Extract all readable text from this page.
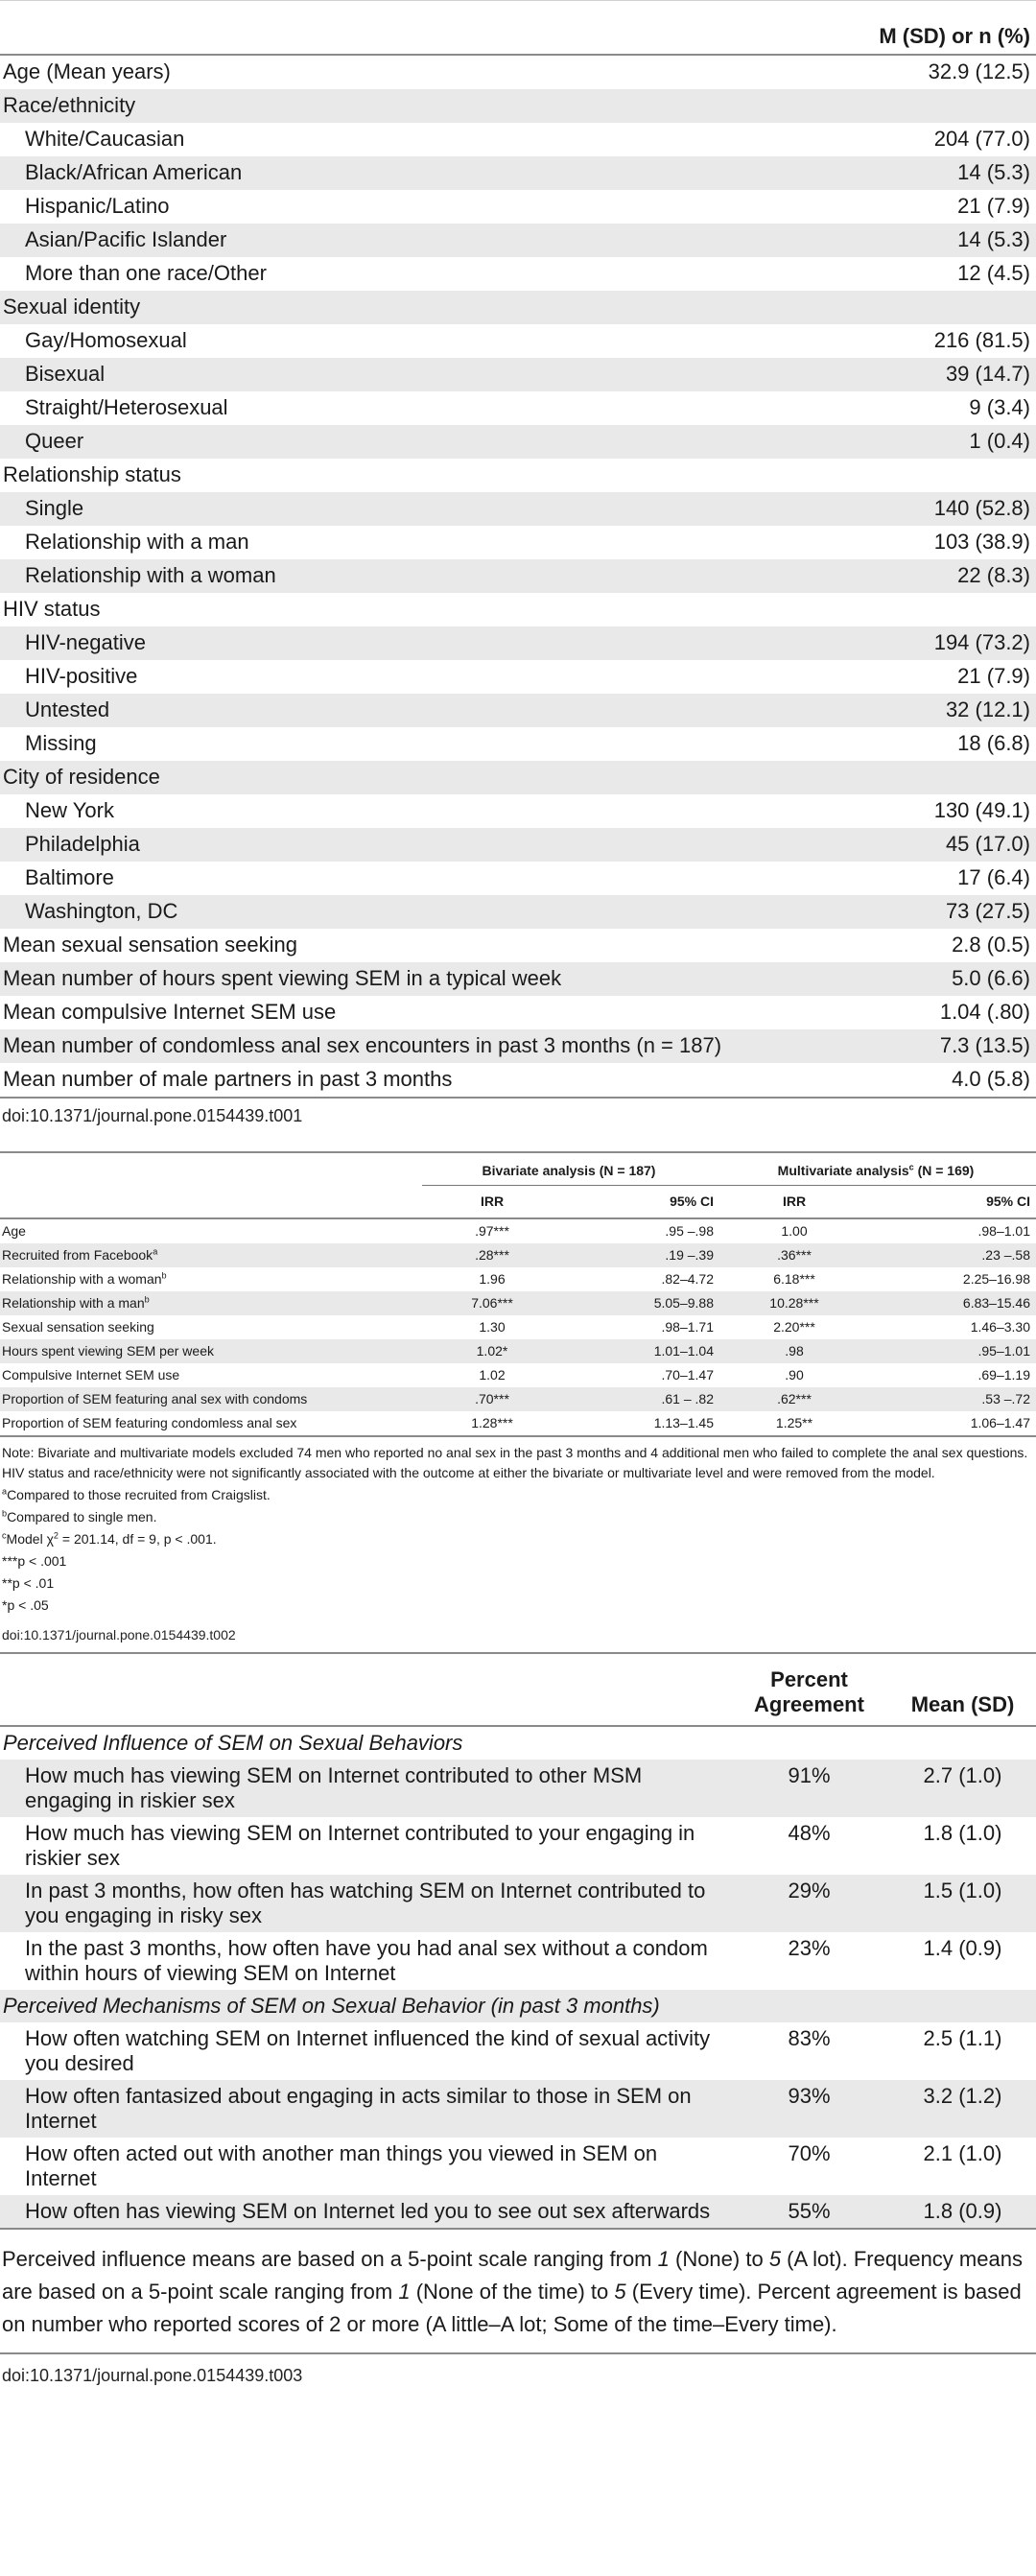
	M (SD) or n (%)
Age (Mean years)	32.9 (12.5)
Race/ethnicity	
White/Caucasian	204 (77.0)
Black/African American	14 (5.3)
Hispanic/Latino	21 (7.9)
Asian/Pacific Islander	14 (5.3)
More than one race/Other	12 (4.5)
Sexual identity	
Gay/Homosexual	216 (81.5)
Bisexual	39 (14.7)
Straight/Heterosexual	9 (3.4)
Queer	1 (0.4)
Relationship status	
Single	140 (52.8)
Relationship with a man	103 (38.9)
Relationship with a woman	22 (8.3)
HIV status	
HIV-negative	194 (73.2)
HIV-positive	21 (7.9)
Untested	32 (12.1)
Missing	18 (6.8)
City of residence	
New York	130 (49.1)
Philadelphia	45 (17.0)
Baltimore	17 (6.4)
Washington, DC	73 (27.5)
Mean sexual sensation seeking	2.8 (0.5)
Mean number of hours spent viewing SEM in a typical week	5.0 (6.6)
Mean compulsive Internet SEM use	1.04 (.80)
Mean number of condomless anal sex encounters in past 3 months (n = 187)	7.3 (13.5)
Mean number of male partners in past 3 months	4.0 (5.8)
doi:10.1371/journal.pone.0154439.t001
	Bivariate analysis (N = 187)		Multivariate analysis$^c$ (N = 169)	
	IRR	95% CI	IRR	95% CI
Age	.97***	.95 –.98	1.00	.98–1.01
Recruited from Facebook$^a$	.28***	.19 –.39	.36***	.23 –.58
Relationship with a woman$^b$	1.96	.82–4.72	6.18***	2.25–16.98
Relationship with a man$^b$	7.06***	5.05–9.88	10.28***	6.83–15.46
Sexual sensation seeking	1.30	.98–1.71	2.20***	1.46–3.30
Hours spent viewing SEM per week	1.02*	1.01–1.04	.98	.95–1.01
Compulsive Internet SEM use	1.02	.70–1.47	.90	.69–1.19
Proportion of SEM featuring anal sex with condoms	.70***	.61 – .82	.62***	.53 –.72
Proportion of SEM featuring condomless anal sex	1.28***	1.13–1.45	1.25**	1.06–1.47

Note: Bivariate and multivariate models excluded 74 men who reported no anal sex in the past 3 months and 4 additional men who failed to complete the anal sex questions. HIV status and race/ethnicity were not significantly associated with the outcome at either the bivariate or multivariate level and were removed from the model.

$^a$Compared to those recruited from Craigslist.

$^b$Compared to single men.

$^c$Model $\chi^2 = 201.14$, df = 9, p < .001.

***p < .001

**p < .01

*p < .05

doi:10.1371/journal.pone.0154439.t002
	Percent Agreement	Mean (SD)
Perceived Influence of SEM on Sexual Behaviors		
How much has viewing SEM on Internet contributed to other MSM engaging in riskier sex	91%	2.7 (1.0)
How much has viewing SEM on Internet contributed to your engaging in riskier sex	48%	1.8 (1.0)
In past 3 months, how often has watching SEM on Internet contributed to you engaging in risky sex	29%	1.5 (1.0)
In the past 3 months, how often have you had anal sex without a condom within hours of viewing SEM on Internet	23%	1.4 (0.9)
Perceived Mechanisms of SEM on Sexual Behavior (in past 3 months)		
How often watching SEM on Internet influenced the kind of sexual activity you desired	83%	2.5 (1.1)
How often fantasized about engaging in acts similar to those in SEM on Internet	93%	3.2 (1.2)
How often acted out with another man things you viewed in SEM on Internet	70%	2.1 (1.0)
How often has viewing SEM on Internet led you to see out sex afterwards	55%	1.8 (0.9)
Perceived influence means are based on a 5-point scale ranging from 1 (None) to 5 (A lot). Frequency means are based on a 5-point scale ranging from 1 (None of the time) to 5 (Every time). Percent agreement is based on number who reported scores of 2 or more (A little–A lot; Some of the time–Every time).
doi:10.1371/journal.pone.0154439.t003
